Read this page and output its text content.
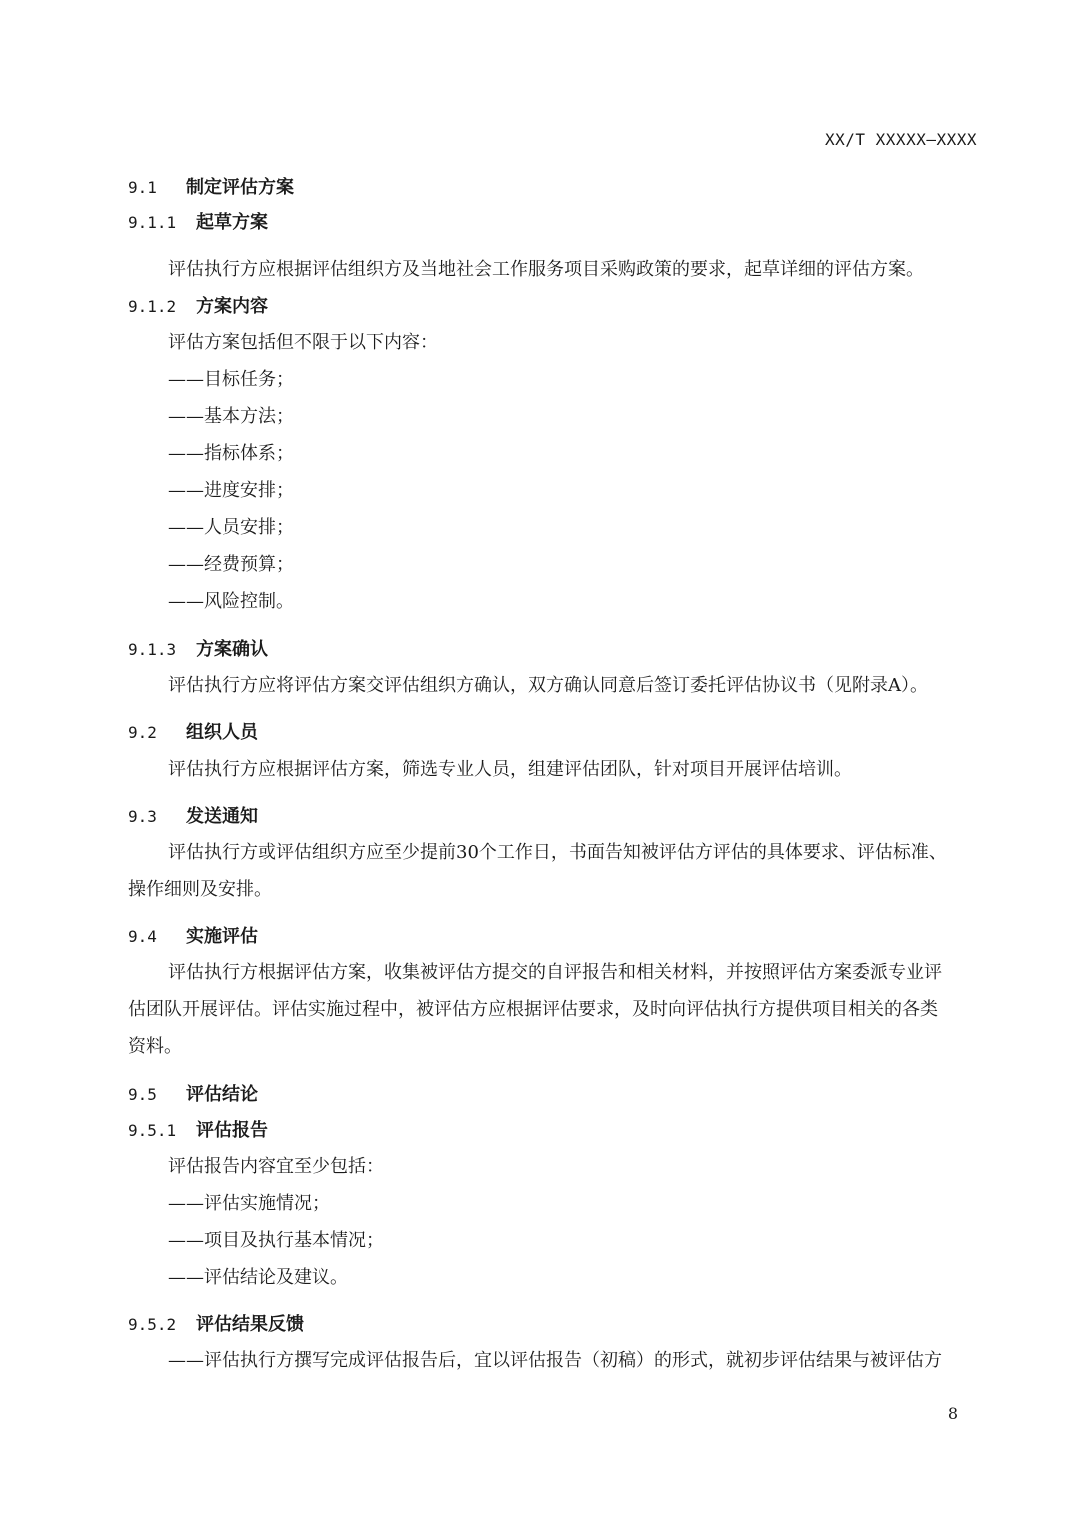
XX/T XXXXX—XXXX
9.1 制定评估方案
9.1.1 起草方案
评估执行方应根据评估组织方及当地社会工作服务项目采购政策的要求，起草详细的评估方案。
9.1.2 方案内容
评估方案包括但不限于以下内容：
——目标任务；
——基本方法；
——指标体系；
——进度安排；
——人员安排；
——经费预算；
——风险控制。
9.1.3 方案确认
评估执行方应将评估方案交评估组织方确认，双方确认同意后签订委托评估协议书（见附录A）。
9.2 组织人员
评估执行方应根据评估方案，筛选专业人员，组建评估团队，针对项目开展评估培训。
9.3 发送通知
评估执行方或评估组织方应至少提前30个工作日，书面告知被评估方评估的具体要求、评估标准、
操作细则及安排。
9.4 实施评估
评估执行方根据评估方案，收集被评估方提交的自评报告和相关材料，并按照评估方案委派专业评
估团队开展评估。评估实施过程中，被评估方应根据评估要求，及时向评估执行方提供项目相关的各类
资料。
9.5 评估结论
9.5.1 评估报告
评估报告内容宜至少包括：
——评估实施情况；
——项目及执行基本情况；
——评估结论及建议。
9.5.2 评估结果反馈
——评估执行方撰写完成评估报告后，宜以评估报告（初稿）的形式，就初步评估结果与被评估方
8
